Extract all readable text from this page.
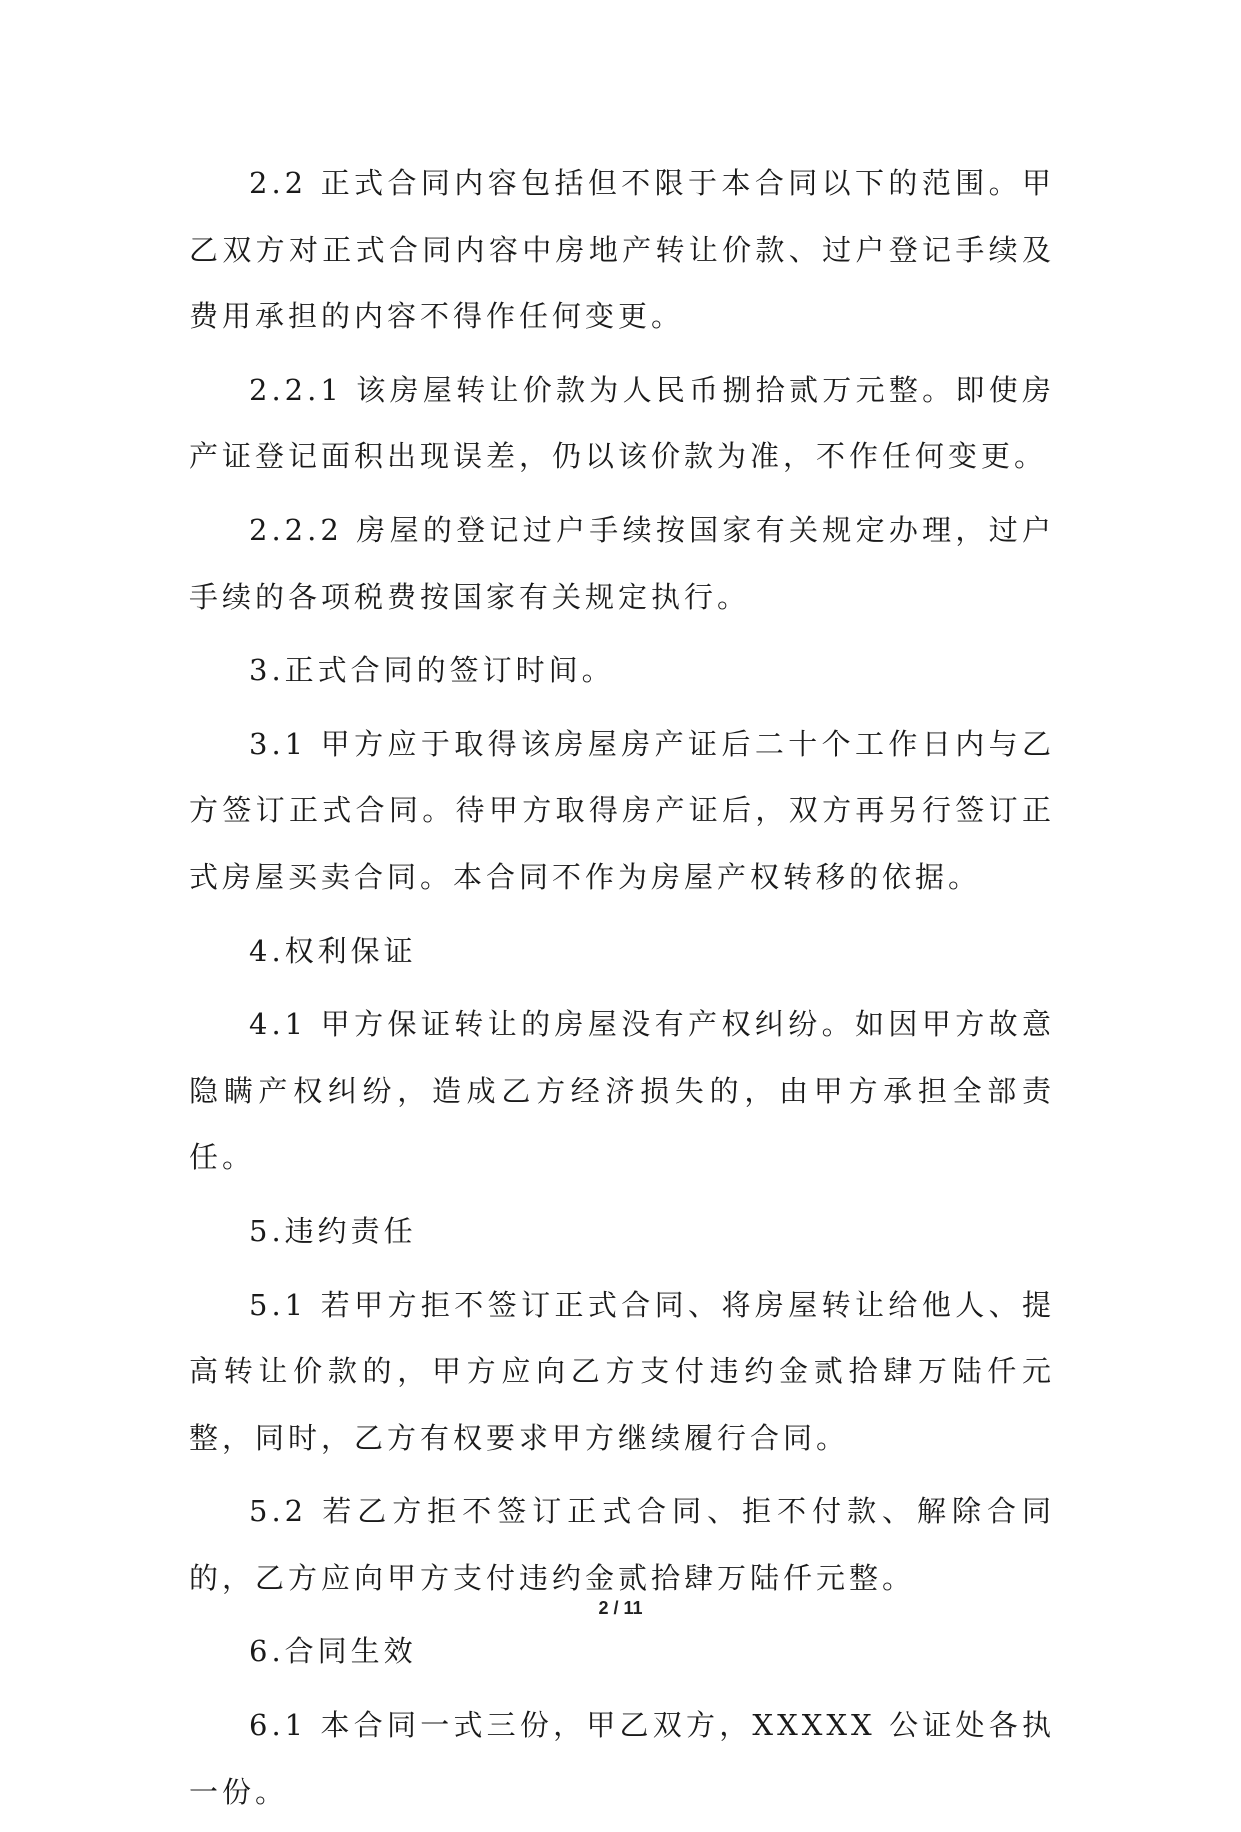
2.2 正式合同内容包括但不限于本合同以下的范围。甲乙双方对正式合同内容中房地产转让价款、过户登记手续及费用承担的内容不得作任何变更。

2.2.1 该房屋转让价款为人民币捌拾贰万元整。即使房产证登记面积出现误差，仍以该价款为准，不作任何变更。

2.2.2 房屋的登记过户手续按国家有关规定办理，过户手续的各项税费按国家有关规定执行。

3.正式合同的签订时间。

3.1 甲方应于取得该房屋房产证后二十个工作日内与乙方签订正式合同。待甲方取得房产证后，双方再另行签订正式房屋买卖合同。本合同不作为房屋产权转移的依据。

4.权利保证

4.1 甲方保证转让的房屋没有产权纠纷。如因甲方故意隐瞒产权纠纷，造成乙方经济损失的，由甲方承担全部责任。

5.违约责任

5.1 若甲方拒不签订正式合同、将房屋转让给他人、提高转让价款的，甲方应向乙方支付违约金贰拾肆万陆仟元整，同时，乙方有权要求甲方继续履行合同。

5.2 若乙方拒不签订正式合同、拒不付款、解除合同的，乙方应向甲方支付违约金贰拾肆万陆仟元整。

6.合同生效

6.1 本合同一式三份，甲乙双方，XXXXX 公证处各执一份。

2 / 11
